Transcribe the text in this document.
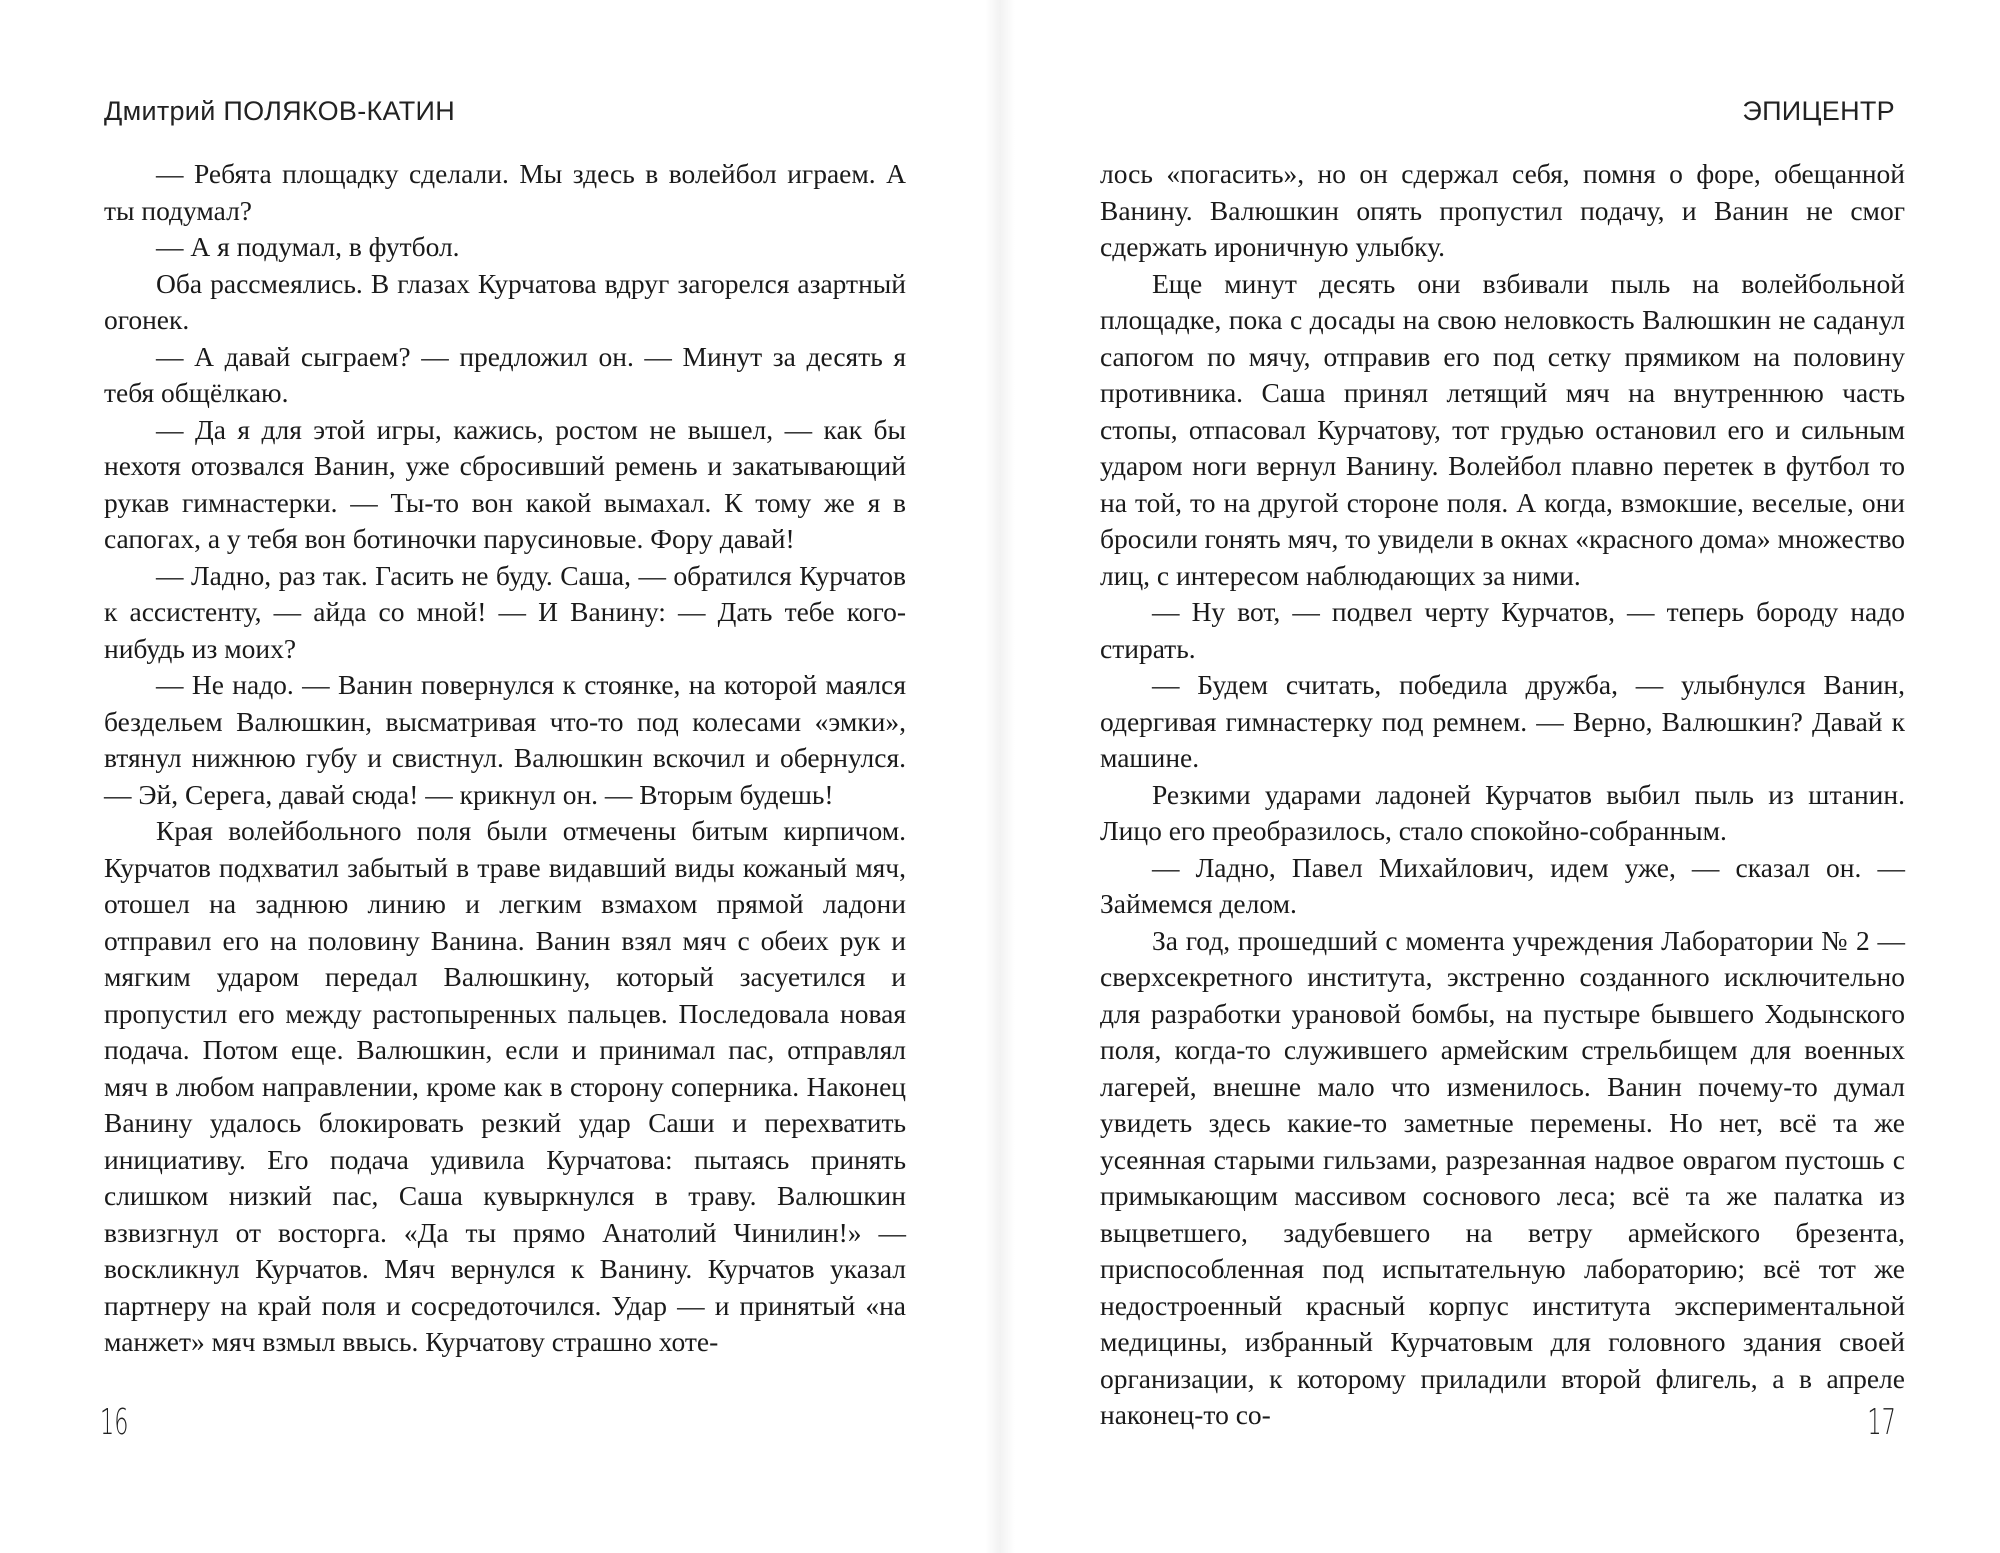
Дмитрий ПОЛЯКОВ-КАТИН

— Ребята площадку сделали. Мы здесь в волейбол играем. А ты подумал?

— А я подумал, в футбол.

Оба рассмеялись. В глазах Курчатова вдруг загорелся азартный огонек.

— А давай сыграем? — предложил он. — Минут за десять я тебя общёлкаю.

— Да я для этой игры, кажись, ростом не вышел, — как бы нехотя отозвался Ванин, уже сбросивший ремень и закатывающий рукав гимнастерки. — Ты-то вон какой вымахал. К тому же я в сапогах, а у тебя вон ботиночки парусиновые. Фору давай!

— Ладно, раз так. Гасить не буду. Саша, — обратился Курчатов к ассистенту, — айда со мной! — И Ванину: — Дать тебе кого-нибудь из моих?

— Не надо. — Ванин повернулся к стоянке, на которой маялся бездельем Валюшкин, высматривая что-то под колесами «эмки», втянул нижнюю губу и свистнул. Валюшкин вскочил и обернулся. — Эй, Серега, давай сюда! — крикнул он. — Вторым будешь!

Края волейбольного поля были отмечены битым кирпичом. Курчатов подхватил забытый в траве видавший виды кожаный мяч, отошел на заднюю линию и легким взмахом прямой ладони отправил его на половину Ванина. Ванин взял мяч с обеих рук и мягким ударом передал Валюшкину, который засуетился и пропустил его между растопыренных пальцев. Последовала новая подача. Потом еще. Валюшкин, если и принимал пас, отправлял мяч в любом направлении, кроме как в сторону соперника. Наконец Ванину удалось блокировать резкий удар Саши и перехватить инициативу. Его подача удивила Курчатова: пытаясь принять слишком низкий пас, Саша кувыркнулся в траву. Валюшкин взвизгнул от восторга. «Да ты прямо Анатолий Чинилин!» — воскликнул Курчатов. Мяч вернулся к Ванину. Курчатов указал партнеру на край поля и сосредоточился. Удар — и принятый «на манжет» мяч взмыл ввысь. Курчатову страшно хоте-

16
ЭПИЦЕНТР

лось «погасить», но он сдержал себя, помня о форе, обещанной Ванину. Валюшкин опять пропустил подачу, и Ванин не смог сдержать ироничную улыбку.

Еще минут десять они взбивали пыль на волейбольной площадке, пока с досады на свою неловкость Валюшкин не саданул сапогом по мячу, отправив его под сетку прямиком на половину противника. Саша принял летящий мяч на внутреннюю часть стопы, отпасовал Курчатову, тот грудью остановил его и сильным ударом ноги вернул Ванину. Волейбол плавно перетек в футбол то на той, то на другой стороне поля. А когда, взмокшие, веселые, они бросили гонять мяч, то увидели в окнах «красного дома» множество лиц, с интересом наблюдающих за ними.

— Ну вот, — подвел черту Курчатов, — теперь бороду надо стирать.

— Будем считать, победила дружба, — улыбнулся Ванин, одергивая гимнастерку под ремнем. — Верно, Валюшкин? Давай к машине.

Резкими ударами ладоней Курчатов выбил пыль из штанин. Лицо его преобразилось, стало спокойно-собранным.

— Ладно, Павел Михайлович, идем уже, — сказал он. — Займемся делом.

За год, прошедший с момента учреждения Лаборатории № 2 — сверхсекретного института, экстренно созданного исключительно для разработки урановой бомбы, на пустыре бывшего Ходынского поля, когда-то служившего армейским стрельбищем для военных лагерей, внешне мало что изменилось. Ванин почему-то думал увидеть здесь какие-то заметные перемены. Но нет, всё та же усеянная старыми гильзами, разрезанная надвое оврагом пустошь с примыкающим массивом соснового леса; всё та же палатка из выцветшего, задубевшего на ветру армейского брезента, приспособленная под испытательную лабораторию; всё тот же недостроенный красный корпус института экспериментальной медицины, избранный Курчатовым для головного здания своей организации, к которому приладили второй флигель, а в апреле наконец-то со-	17
